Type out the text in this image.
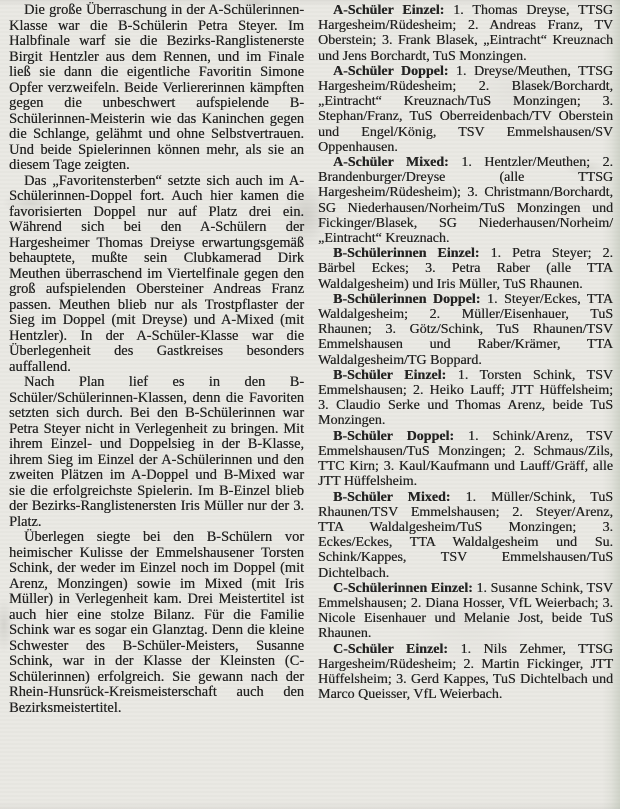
Die große Überraschung in der A-Schülerinnen-Klasse war die B-Schülerin Petra Steyer. Im Halbfinale warf sie die Bezirks-Ranglistenerste Birgit Hentzler aus dem Rennen, und im Finale ließ sie dann die eigentliche Favoritin Simone Opfer verzweifeln. Beide Verliererinnen kämpften gegen die unbeschwert aufspielende B-Schülerinnen-Meisterin wie das Kaninchen gegen die Schlange, gelähmt und ohne Selbstvertrauen. Und beide Spielerinnen können mehr, als sie an diesem Tage zeigten.

Das „Favoritensterben“ setzte sich auch im A-Schülerinnen-Doppel fort. Auch hier kamen die favorisierten Doppel nur auf Platz drei ein. Während sich bei den A-Schülern der Hargesheimer Thomas Dreiyse erwartungsgemäß behauptete, mußte sein Clubkamerad Dirk Meuthen überraschend im Viertelfinale gegen den groß aufspielenden Obersteiner Andreas Franz passen. Meuthen blieb nur als Trostpflaster der Sieg im Doppel (mit Dreyse) und A-Mixed (mit Hentzler). In der A-Schüler-Klasse war die Überlegenheit des Gastkreises besonders auffallend.

Nach Plan lief es in den B-Schüler/Schülerinnen-Klassen, denn die Favoriten setzten sich durch. Bei den B-Schülerinnen war Petra Steyer nicht in Verlegenheit zu bringen. Mit ihrem Einzel- und Doppelsieg in der B-Klasse, ihrem Sieg im Einzel der A-Schülerinnen und den zweiten Plätzen im A-Doppel und B-Mixed war sie die erfolgreichste Spielerin. Im B-Einzel blieb der Bezirks-Ranglistenersten Iris Müller nur der 3. Platz.

Überlegen siegte bei den B-Schülern vor heimischer Kulisse der Emmelshausener Torsten Schink, der weder im Einzel noch im Doppel (mit Arenz, Monzingen) sowie im Mixed (mit Iris Müller) in Verlegenheit kam. Drei Meistertitel ist auch hier eine stolze Bilanz. Für die Familie Schink war es sogar ein Glanztag. Denn die kleine Schwester des B-Schüler-Meisters, Susanne Schink, war in der Klasse der Kleinsten (C-Schülerinnen) erfolgreich. Sie gewann nach der Rhein-Hunsrück-Kreismeisterschaft auch den Bezirksmeistertitel.

A-Schüler Einzel: 1. Thomas Dreyse, TTSG Hargesheim/Rüdesheim; 2. Andreas Franz, TV Oberstein; 3. Frank Blasek, „Eintracht“ Kreuznach und Jens Borchardt, TuS Monzingen.

A-Schüler Doppel: 1. Dreyse/Meuthen, TTSG Hargesheim/Rüdesheim; 2. Blasek/Borchardt, „Eintracht“ Kreuznach/TuS Monzingen; 3. Stephan/Franz, TuS Oberreidenbach/TV Oberstein und Engel/König, TSV Emmelshausen/SV Oppenhausen.

A-Schüler Mixed: 1. Hentzler/Meuthen; 2. Brandenburger/Dreyse (alle TTSG Hargesheim/Rüdesheim); 3. Christmann/Borchardt, SG Niederhausen/Norheim/TuS Monzingen und Fickinger/Blasek, SG Niederhausen/Norheim/„Eintracht“ Kreuznach.

B-Schülerinnen Einzel: 1. Petra Steyer; 2. Bärbel Eckes; 3. Petra Raber (alle TTA Waldalgesheim) und Iris Müller, TuS Rhaunen.

B-Schülerinnen Doppel: 1. Steyer/Eckes, TTA Waldalgesheim; 2. Müller/Eisenhauer, TuS Rhaunen; 3. Götz/Schink, TuS Rhaunen/TSV Emmelshausen und Raber/Krämer, TTA Waldalgesheim/TG Boppard.

B-Schüler Einzel: 1. Torsten Schink, TSV Emmelshausen; 2. Heiko Lauff; JTT Hüffelsheim; 3. Claudio Serke und Thomas Arenz, beide TuS Monzingen.

B-Schüler Doppel: 1. Schink/Arenz, TSV Emmelshausen/TuS Monzingen; 2. Schmaus/Zils, TTC Kirn; 3. Kaul/Kaufmann und Lauff/Gräff, alle JTT Hüffelsheim.

B-Schüler Mixed: 1. Müller/Schink, TuS Rhaunen/TSV Emmelshausen; 2. Steyer/Arenz, TTA Waldalgesheim/TuS Monzingen; 3. Eckes/Eckes, TTA Waldalgesheim und Su. Schink/Kappes, TSV Emmelshausen/TuS Dichtelbach.

C-Schülerinnen Einzel: 1. Susanne Schink, TSV Emmelshausen; 2. Diana Hosser, VfL Weierbach; 3. Nicole Eisenhauer und Melanie Jost, beide TuS Rhaunen.

C-Schüler Einzel: 1. Nils Zehmer, TTSG Hargesheim/Rüdesheim; 2. Martin Fickinger, JTT Hüffelsheim; 3. Gerd Kappes, TuS Dichtelbach und Marco Queisser, VfL Weierbach.
